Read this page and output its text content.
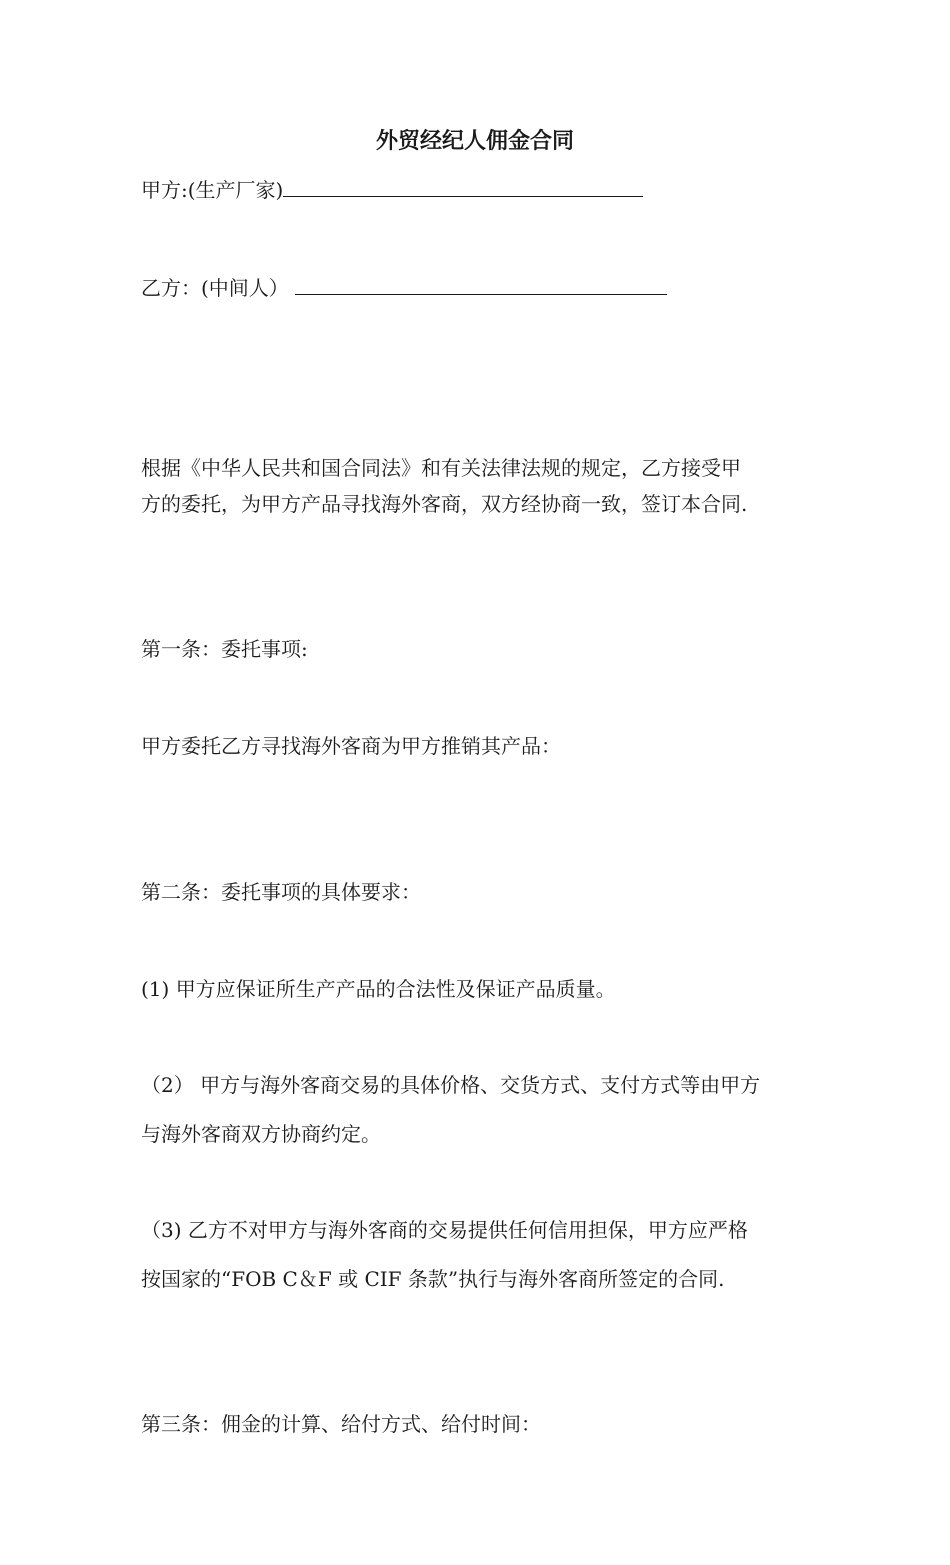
外贸经纪人佣金合同
甲方:(生产厂家)
乙方：(中间人）
根据《中华人民共和国合同法》和有关法律法规的规定，乙方接受甲
方的委托，为甲方产品寻找海外客商，双方经协商一致，签订本合同.
第一条：委托事项:
甲方委托乙方寻找海外客商为甲方推销其产品：
第二条：委托事项的具体要求：
(1) 甲方应保证所生产产品的合法性及保证产品质量。
（2） 甲方与海外客商交易的具体价格、交货方式、支付方式等由甲方
与海外客商双方协商约定。
（3) 乙方不对甲方与海外客商的交易提供任何信用担保，甲方应严格
按国家的“FOB C＆F 或 CIF 条款”执行与海外客商所签定的合同.
第三条：佣金的计算、给付方式、给付时间：
